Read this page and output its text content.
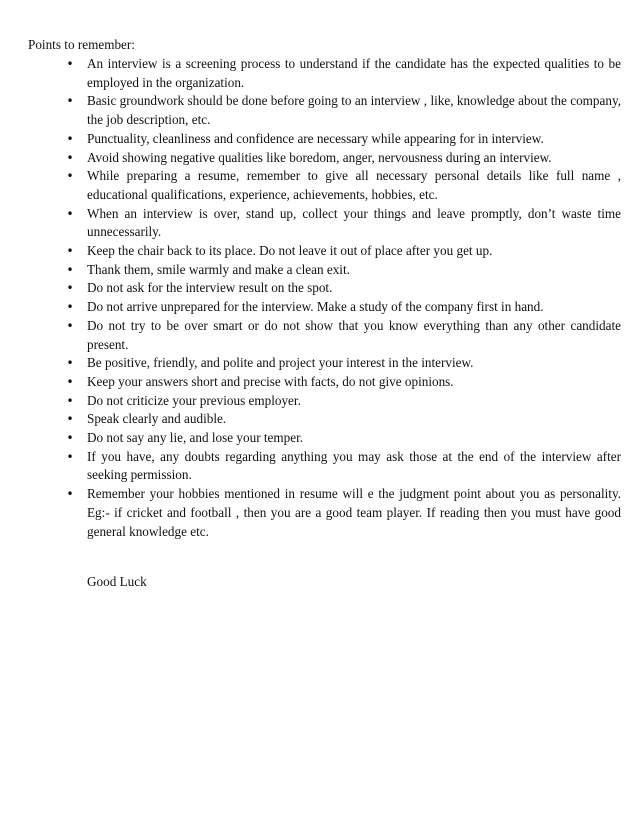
Points to remember:

• An interview is a screening process to understand if the candidate has the expected qualities to be employed in the organization.
• Basic groundwork should be done before going to an interview , like, knowledge about the company, the job description, etc.
• Punctuality, cleanliness and confidence are necessary while appearing for in interview.
• Avoid showing negative qualities like boredom, anger, nervousness during an interview.
• While preparing a resume, remember to give all necessary personal details like full name , educational qualifications, experience, achievements, hobbies, etc.
• When an interview is over, stand up, collect your things and leave promptly, don’t waste time unnecessarily.
• Keep the chair back to its place. Do not leave it out of place after you get up.
• Thank them, smile warmly and make a clean exit.
• Do not ask for the interview result on the spot.
• Do not arrive unprepared for the interview. Make a study of the company first in hand.
• Do not try to be over smart or do not show that you know everything than any other candidate present.
• Be positive, friendly, and polite and project your interest in the interview.
• Keep your answers short and precise with facts, do not give opinions.
• Do not criticize your previous employer.
• Speak clearly and audible.
• Do not say any lie, and lose your temper.
• If you have, any doubts regarding anything you may ask those at the end of the interview after seeking permission.
• Remember your hobbies mentioned in resume will e the judgment point about you as personality. Eg:- if cricket and football , then you are a good team player. If reading then you must have good general knowledge etc.

Good Luck
